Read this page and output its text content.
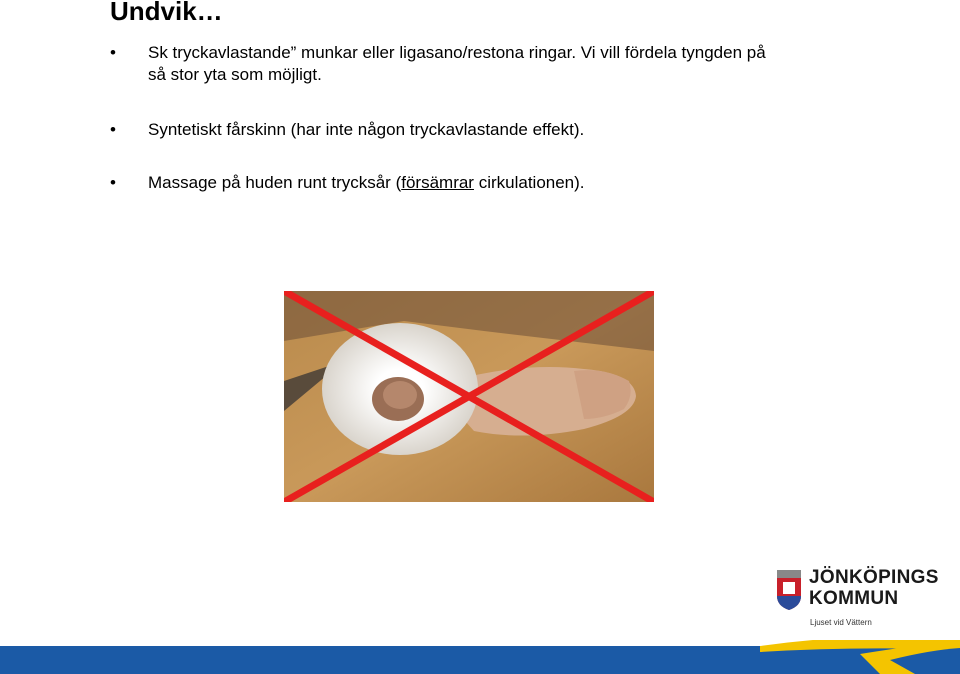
Undvik…
• Sk tryckavlastande” munkar eller ligasano/restona ringar. Vi vill fördela tyngden på
så stor yta som möjligt.
• Syntetiskt fårskinn (har inte någon tryckavlastande effekt).
• Massage på huden runt trycksår (försämrar cirkulationen).
JÖNKÖPINGS
KOMMUN
Ljuset vid Vättern
